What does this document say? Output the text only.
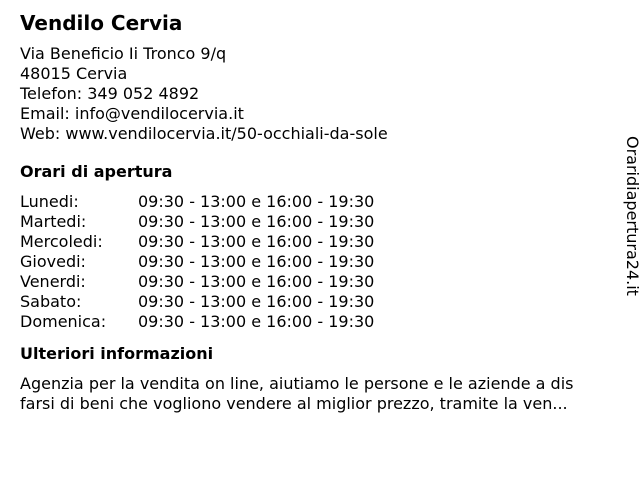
Vendilo Cervia

Via Beneficio Ii Tronco 9/q

48015 Cervia

Telefon: 349 052 4892

Email: info@vendilocervia.it

Web: www.vendilocervia.it/50-occhiali-da-sole

Orari di apertura
Lunedi:	09:30 - 13:00 e 16:00 - 19:30
Martedi:	09:30 - 13:00 e 16:00 - 19:30
Mercoledi:	09:30 - 13:00 e 16:00 - 19:30
Giovedi:	09:30 - 13:00 e 16:00 - 19:30
Venerdi:	09:30 - 13:00 e 16:00 - 19:30
Sabato:	09:30 - 13:00 e 16:00 - 19:30
Domenica:	09:30 - 13:00 e 16:00 - 19:30
Ulteriori informazioni
Agenzia per la vendita on line, aiutiamo le persone e le aziende a dis
farsi di beni che vogliono vendere al miglior prezzo, tramite la ven...
Oraridiapertura24.it
